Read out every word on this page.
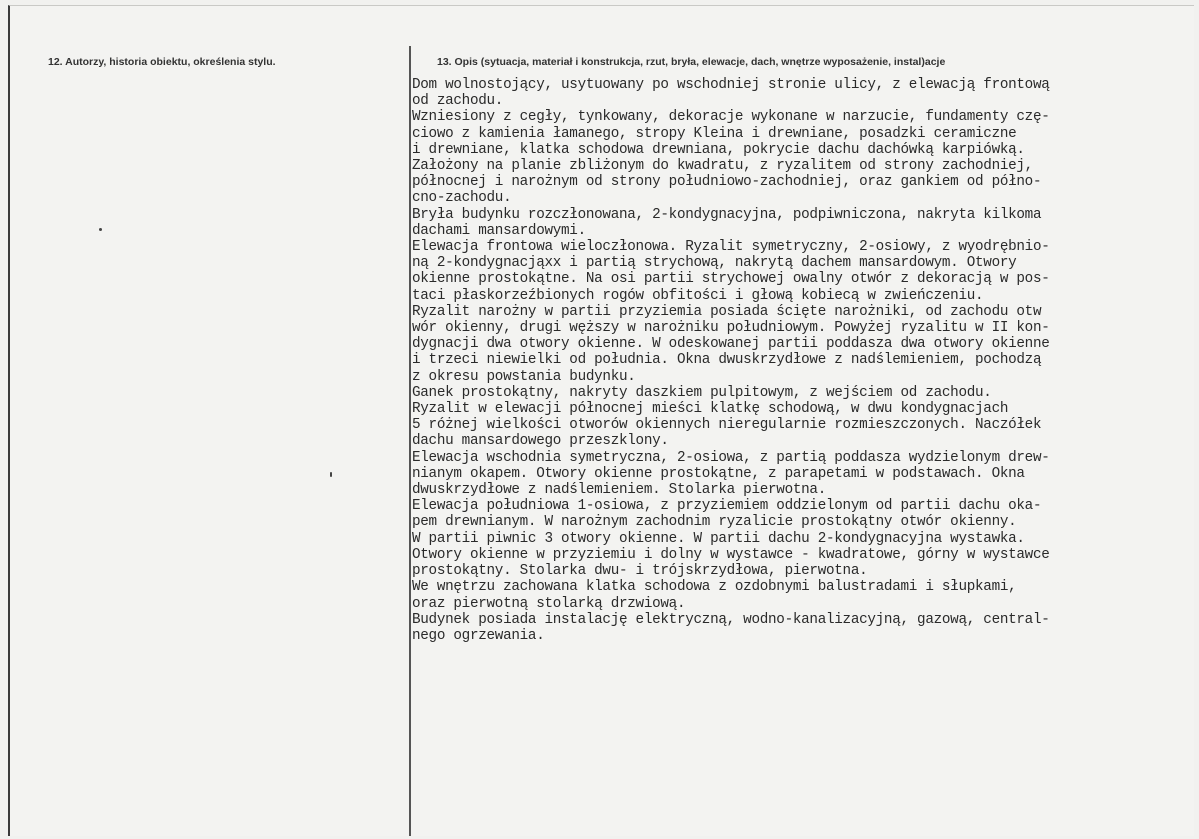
12. Autorzy, historia obiektu, określenia stylu.	13. Opis (sytuacja, materiał i konstrukcja, rzut, bryła, elewacje, dach, wnętrze wyposażenie, instal)acje
Dom wolnostojący, usytuowany po wschodniej stronie ulicy, z elewacją frontową
od zachodu.
Wzniesiony z cegły, tynkowany, dekoracje wykonane w narzucie, fundamenty czę-
ciowo z kamienia łamanego, stropy Kleina i drewniane, posadzki ceramiczne
i drewniane, klatka schodowa drewniana, pokrycie dachu dachówką karpiówką.
Założony na planie zbliżonym do kwadratu, z ryzalitem od strony zachodniej,
północnej i narożnym od strony południowo-zachodniej, oraz gankiem od półno-
cno-zachodu.
Bryła budynku rozczłonowana, 2-kondygnacyjna, podpiwniczona, nakryta kilkoma
dachami mansardowymi.
Elewacja frontowa wieloczłonowa. Ryzalit symetryczny, 2-osiowy, z wyodrębnio-
ną 2-kondygnacjąxx i partią strychową, nakrytą dachem mansardowym. Otwory
okienne prostokątne. Na osi partii strychowej owalny otwór z dekoracją w pos-
taci płaskorzeźbionych rogów obfitości i głową kobiecą w zwieńczeniu.
Ryzalit narożny w partii przyziemia posiada ścięte narożniki, od zachodu otw
wór okienny, drugi węższy w narożniku południowym. Powyżej ryzalitu w II kon-
dygnacji dwa otwory okienne. W odeskowanej partii poddasza dwa otwory okienne
i trzeci niewielki od południa. Okna dwuskrzydłowe z nadślemieniem, pochodzą
z okresu powstania budynku.
Ganek prostokątny, nakryty daszkiem pulpitowym, z wejściem od zachodu.
Ryzalit w elewacji północnej mieści klatkę schodową, w dwu kondygnacjach
5 różnej wielkości otworów okiennych nieregularnie rozmieszczonych. Naczółek
dachu mansardowego przeszklony.
Elewacja wschodnia symetryczna, 2-osiowa, z partią poddasza wydzielonym drew-
nianym okapem. Otwory okienne prostokątne, z parapetami w podstawach. Okna
dwuskrzydłowe z nadślemieniem. Stolarka pierwotna.
Elewacja południowa 1-osiowa, z przyziemiem oddzielonym od partii dachu oka-
pem drewnianym. W narożnym zachodnim ryzalicie prostokątny otwór okienny.
W partii piwnic 3 otwory okienne. W partii dachu 2-kondygnacyjna wystawka.
Otwory okienne w przyziemiu i dolny w wystawce - kwadratowe, górny w wystawce
prostokątny. Stolarka dwu- i trójskrzydłowa, pierwotna.
We wnętrzu zachowana klatka schodowa z ozdobnymi balustradami i słupkami,
oraz pierwotną stolarką drzwiową.
Budynek posiada instalację elektryczną, wodno-kanalizacyjną, gazową, central-
nego ogrzewania.
